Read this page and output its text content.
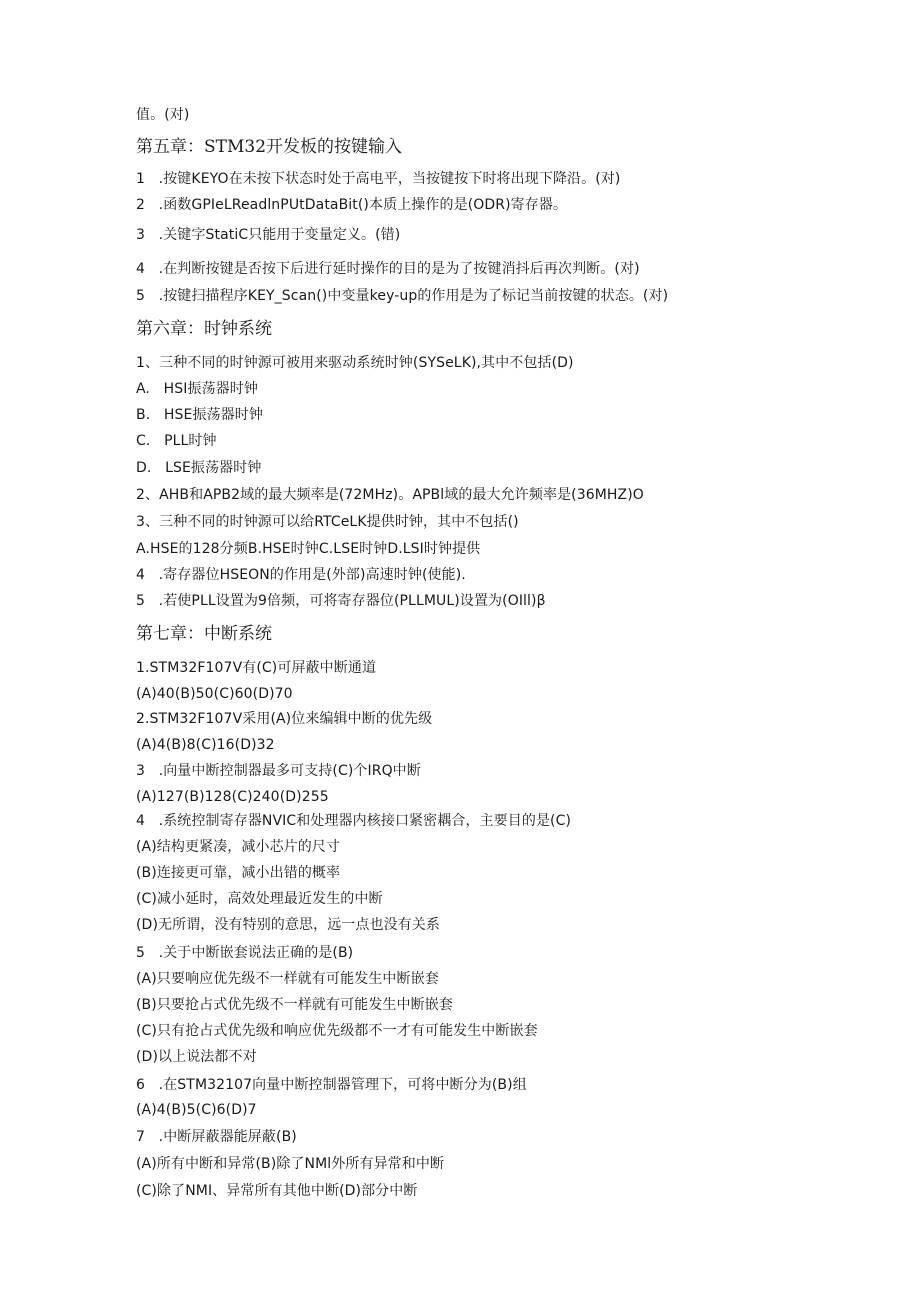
值。(对)
第五章：STM32开发板的按键输入
1   .按键KEYO在未按下状态时处于高电平，当按键按下时将出现下降沿。(对)
2   .函数GPIeLReadlnPUtDataBit()本质上操作的是(ODR)寄存器。
3   .关键字StatiC只能用于变量定义。(错)
4   .在判断按键是否按下后进行延时操作的目的是为了按键消抖后再次判断。(对)
5   .按键扫描程序KEY_Scan()中变量key-up的作用是为了标记当前按键的状态。(对)
第六章：时钟系统
1、三种不同的时钟源可被用来驱动系统时钟(SYSeLK),其中不包括(D)
A.   HSI振荡器时钟
B.   HSE振荡器时钟
C.   PLL时钟
D.   LSE振荡器时钟
2、AHB和APB2域的最大频率是(72MHz)。APBl域的最大允许频率是(36MHZ)O
3、三种不同的时钟源可以给RTCeLK提供时钟，其中不包括()
A.HSE的128分频B.HSE时钟C.LSE时钟D.LSI时钟提供
4   .寄存器位HSEON的作用是(外部)高速时钟(使能).
5   .若使PLL设置为9倍频，可将寄存器位(PLLMUL)设置为(OIll)β
第七章：中断系统
1.STM32F107V有(C)可屏蔽中断通道
(A)40(B)50(C)60(D)70
2.STM32F107V采用(A)位来编辑中断的优先级
(A)4(B)8(C)16(D)32
3   .向量中断控制器最多可支持(C)个IRQ中断
(A)127(B)128(C)240(D)255
4   .系统控制寄存器NVIC和处理器内核接口紧密耦合，主要目的是(C)
(A)结构更紧凑，减小芯片的尺寸
(B)连接更可靠，减小出错的概率
(C)减小延时，高效处理最近发生的中断
(D)无所谓，没有特别的意思，远一点也没有关系
5   .关于中断嵌套说法正确的是(B)
(A)只要响应优先级不一样就有可能发生中断嵌套
(B)只要抢占式优先级不一样就有可能发生中断嵌套
(C)只有抢占式优先级和响应优先级都不一才有可能发生中断嵌套
(D)以上说法都不对
6   .在STM32107向量中断控制器管理下，可将中断分为(B)组
(A)4(B)5(C)6(D)7
7   .中断屏蔽器能屏蔽(B)
(A)所有中断和异常(B)除了NMl外所有异常和中断
(C)除了NMI、异常所有其他中断(D)部分中断
